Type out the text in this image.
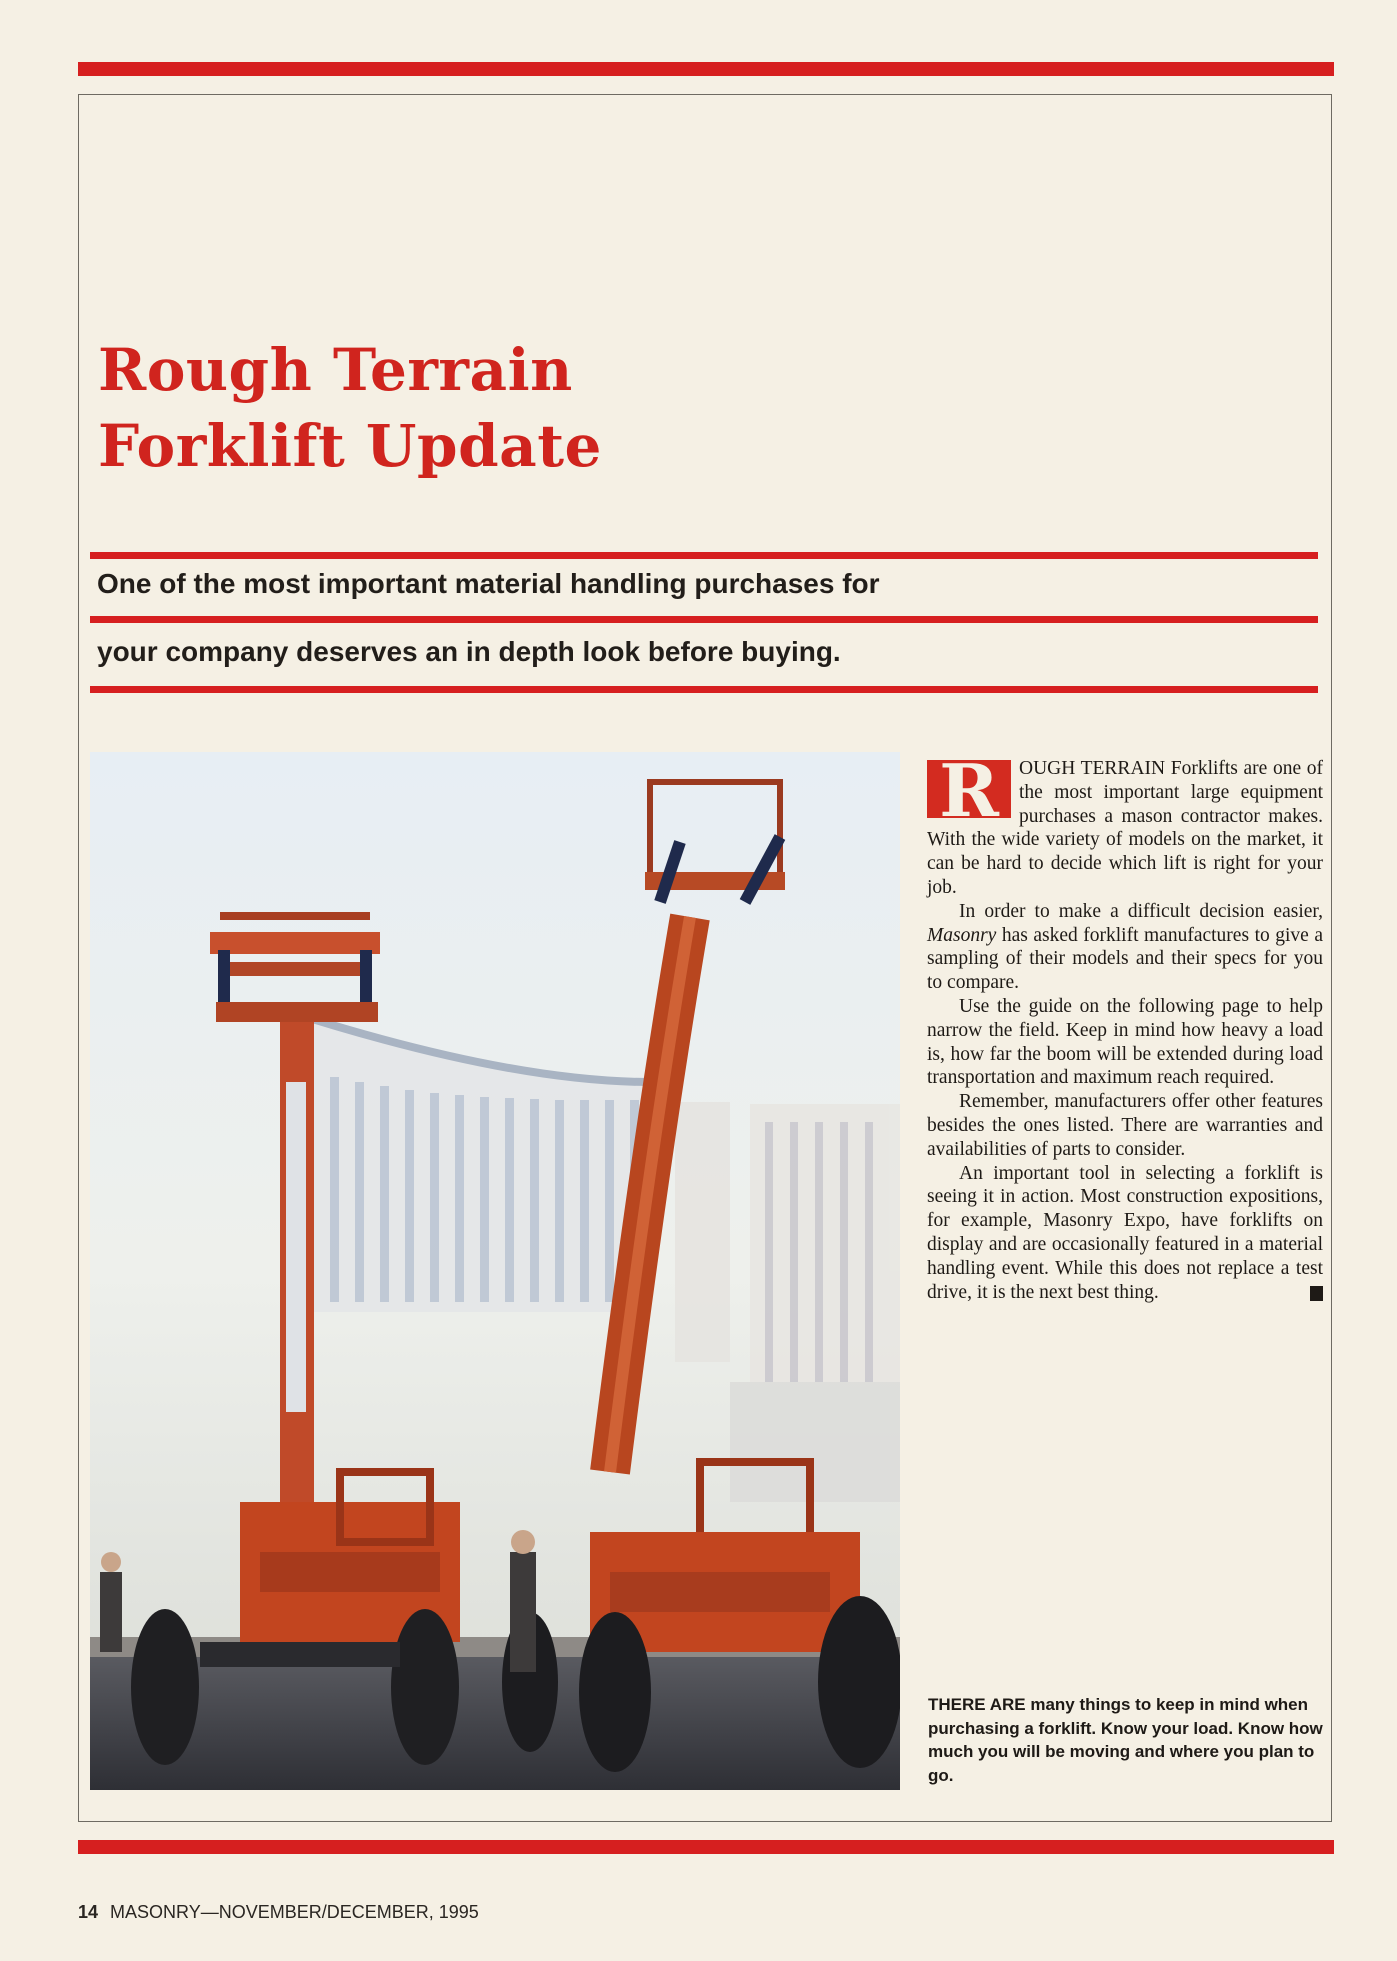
Rough Terrain
Forklift Update

One of the most important material handling purchases for

your company deserves an in depth look before buying.

R	OUGH TERRAIN Forklifts are one of the most important large equipment purchases a mason contractor makes. With the wide variety of models on the market, it can be hard to decide which lift is right for your job.

In order to make a difficult decision easier, Masonry has asked forklift manufactures to give a sampling of their models and their specs for you to compare.

Use the guide on the following page to help narrow the field. Keep in mind how heavy a load is, how far the boom will be extended during load transportation and maximum reach required.

Remember, manufacturers offer other features besides the ones listed. There are warranties and availabilities of parts to consider.

An important tool in selecting a forklift is seeing it in action. Most construction expositions, for example, Masonry Expo, have forklifts on display and are occasionally featured in a material handling event. While this does not replace a test drive, it is the next best thing.

THERE ARE many things to keep in mind when purchasing a forklift. Know your load. Know how much you will be moving and where you plan to go.

14 MASONRY—NOVEMBER/DECEMBER, 1995
